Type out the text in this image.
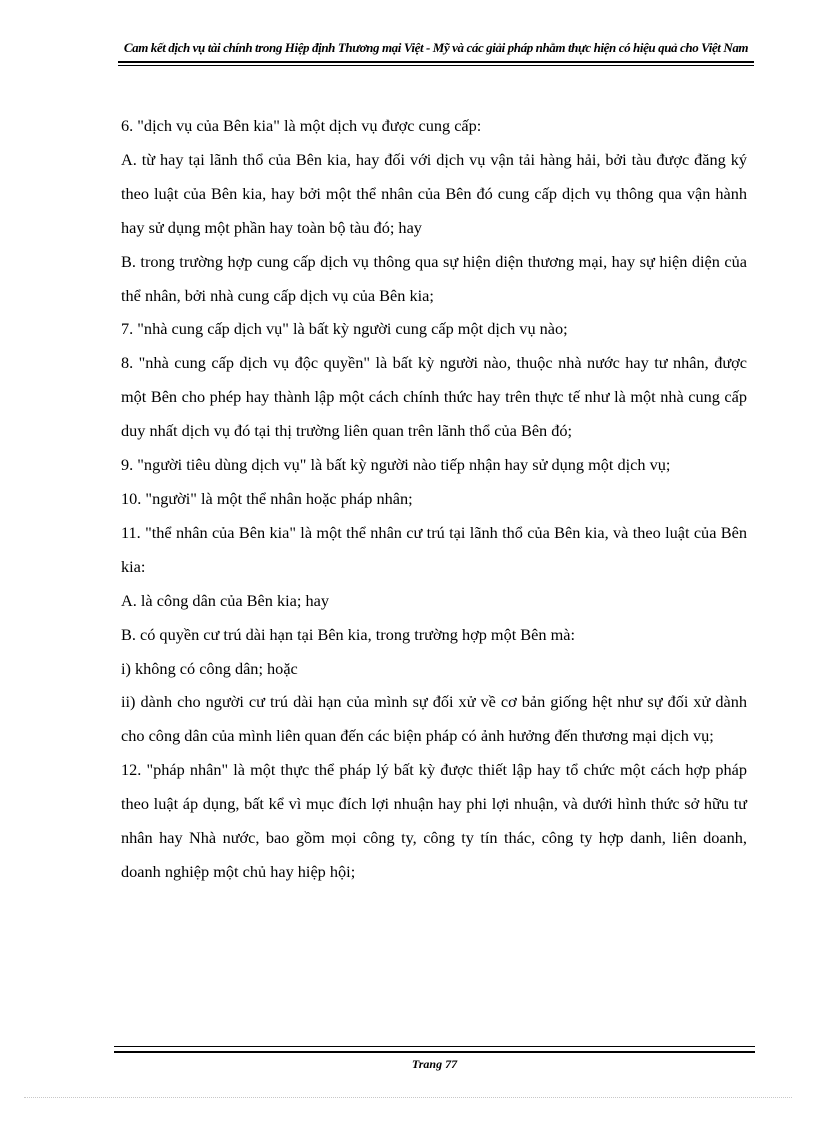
Cam kết dịch vụ tài chính trong Hiệp định Thương mại Việt - Mỹ và các giải pháp nhằm thực hiện có hiệu quả cho Việt Nam

6. "dịch vụ của Bên kia" là một dịch vụ được cung cấp:

A. từ hay tại lãnh thổ của Bên kia, hay đối với dịch vụ vận tải hàng hải, bởi tàu được đăng ký theo luật của Bên kia, hay bởi một thể nhân của Bên đó cung cấp dịch vụ thông qua vận hành hay sử dụng một phần hay toàn bộ tàu đó; hay

B. trong trường hợp cung cấp dịch vụ thông qua sự hiện diện thương mại, hay sự hiện diện của thể nhân, bởi nhà cung cấp dịch vụ của Bên kia;

7. "nhà cung cấp dịch vụ" là bất kỳ người cung cấp một dịch vụ nào;

8. "nhà cung cấp dịch vụ độc quyền" là bất kỳ người nào, thuộc nhà nước hay tư nhân, được một Bên cho phép hay thành lập một cách chính thức hay trên thực tế như là một nhà cung cấp duy nhất dịch vụ đó tại thị trường liên quan trên lãnh thổ của Bên đó;

9. "người tiêu dùng dịch vụ" là bất kỳ người nào tiếp nhận hay sử dụng một dịch vụ;

10. "người" là một thể nhân hoặc pháp nhân;

11. "thể nhân của Bên kia" là một thể nhân cư trú tại lãnh thổ của Bên kia, và theo luật của Bên kia:

A. là công dân của Bên kia; hay

B. có quyền cư trú dài hạn tại Bên kia, trong trường hợp một Bên mà:

i) không có công dân; hoặc

ii) dành cho người cư trú dài hạn của mình sự đối xử về cơ bản giống hệt như sự đối xử dành cho công dân của mình liên quan đến các biện pháp có ảnh hưởng đến thương mại dịch vụ;

12. "pháp nhân" là một thực thể pháp lý bất kỳ được thiết lập hay tổ chức một cách hợp pháp theo luật áp dụng, bất kể vì mục đích lợi nhuận hay phi lợi nhuận, và dưới hình thức sở hữu tư nhân hay Nhà nước, bao gồm mọi công ty, công ty tín thác, công ty hợp danh, liên doanh, doanh nghiệp một chủ hay hiệp hội;

Trang 77
